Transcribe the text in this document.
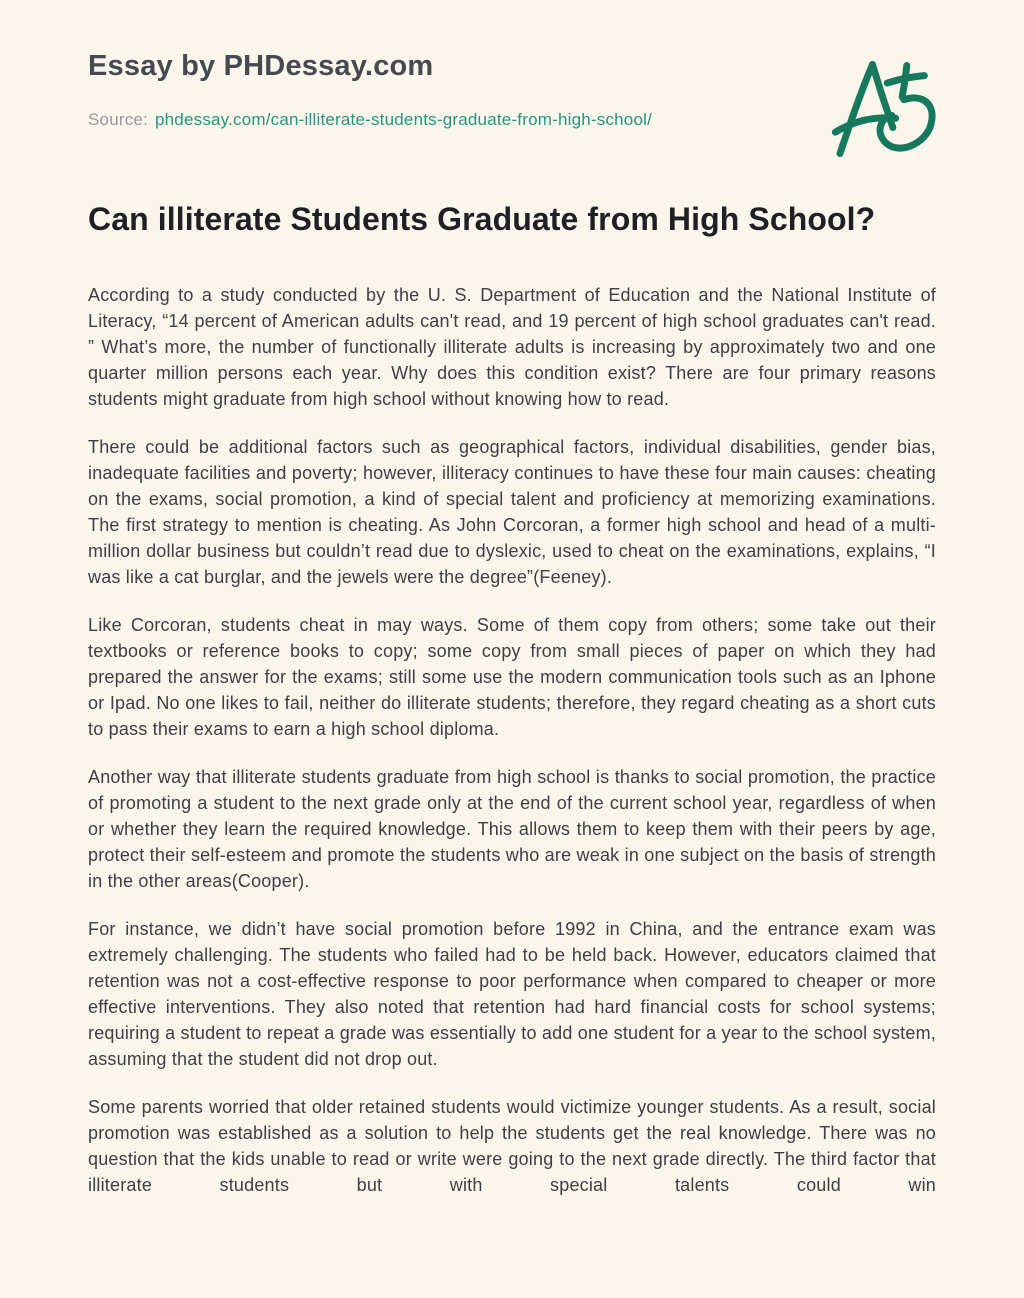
Essay by PHDessay.com
Source: phdessay.com/can-illiterate-students-graduate-from-high-school/
Can illiterate Students Graduate from High School?

According to a study conducted by the U. S. Department of Education and the National Institute of Literacy, “14 percent of American adults can't read, and 19 percent of high school graduates can't read. ” What’s more, the number of functionally illiterate adults is increasing by approximately two and one quarter million persons each year. Why does this condition exist? There are four primary reasons students might graduate from high school without knowing how to read.

There could be additional factors such as geographical factors, individual disabilities, gender bias, inadequate facilities and poverty; however, illiteracy continues to have these four main causes: cheating on the exams, social promotion, a kind of special talent and proficiency at memorizing examinations. The first strategy to mention is cheating. As John Corcoran, a former high school and head of a multi-million dollar business but couldn’t read due to dyslexic, used to cheat on the examinations, explains, “I was like a cat burglar, and the jewels were the degree”(Feeney).

Like Corcoran, students cheat in may ways. Some of them copy from others; some take out their textbooks or reference books to copy; some copy from small pieces of paper on which they had prepared the answer for the exams; still some use the modern communication tools such as an Iphone or Ipad. No one likes to fail, neither do illiterate students; therefore, they regard cheating as a short cuts to pass their exams to earn a high school diploma.

Another way that illiterate students graduate from high school is thanks to social promotion, the practice of promoting a student to the next grade only at the end of the current school year, regardless of when or whether they learn the required knowledge. This allows them to keep them with their peers by age, protect their self-esteem and promote the students who are weak in one subject on the basis of strength in the other areas(Cooper).

For instance, we didn’t have social promotion before 1992 in China, and the entrance exam was extremely challenging. The students who failed had to be held back. However, educators claimed that retention was not a cost-effective response to poor performance when compared to cheaper or more effective interventions. They also noted that retention had hard financial costs for school systems; requiring a student to repeat a grade was essentially to add one student for a year to the school system, assuming that the student did not drop out.

Some parents worried that older retained students would victimize younger students. As a result, social promotion was established as a solution to help the students get the real knowledge. There was no question that the kids unable to read or write were going to the next grade directly. The third factor that illiterate students but with special talents could win
